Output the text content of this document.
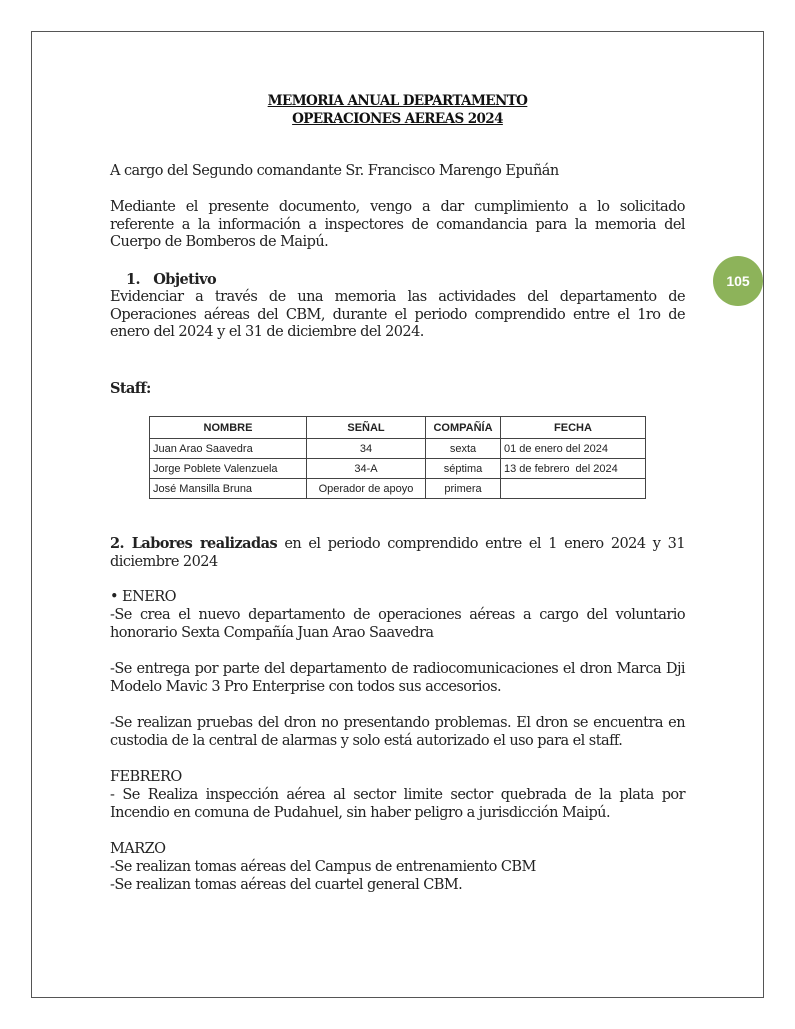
MEMORIA ANUAL DEPARTAMENTO
OPERACIONES AEREAS 2024

A cargo del Segundo comandante Sr. Francisco Marengo Epuñán

Mediante el presente documento, vengo a dar cumplimiento a lo solicitado referente a la información a inspectores de comandancia para la memoria del Cuerpo de Bomberos de Maipú.

1.   Objetivo

Evidenciar a través de una memoria las actividades del departamento de Operaciones aéreas del CBM, durante el periodo comprendido entre el 1ro de enero del 2024 y el 31 de diciembre del 2024.

Staff:
105
NOMBRE	SEÑAL	COMPAÑÍA	FECHA
Juan Arao Saavedra	34	sexta	01 de enero del 2024
Jorge Poblete Valenzuela	34-A	séptima	13 de febrero  del 2024
José Mansilla Bruna	Operador de apoyo	primera	

2. Labores realizadas en el periodo comprendido entre el 1 enero 2024 y 31 diciembre 2024

• ENERO

-Se crea el nuevo departamento de operaciones aéreas a cargo del voluntario honorario Sexta Compañía Juan Arao Saavedra

-Se entrega por parte del departamento de radiocomunicaciones el dron Marca Dji Modelo Mavic 3 Pro Enterprise con todos sus accesorios.

-Se realizan pruebas del dron no presentando problemas. El dron se encuentra en custodia de la central de alarmas y solo está autorizado el uso para el staff.

FEBRERO

- Se Realiza inspección aérea al sector limite sector quebrada de la plata por Incendio en comuna de Pudahuel, sin haber peligro a jurisdicción Maipú.

MARZO

-Se realizan tomas aéreas del Campus de entrenamiento CBM

-Se realizan tomas aéreas del cuartel general CBM.
